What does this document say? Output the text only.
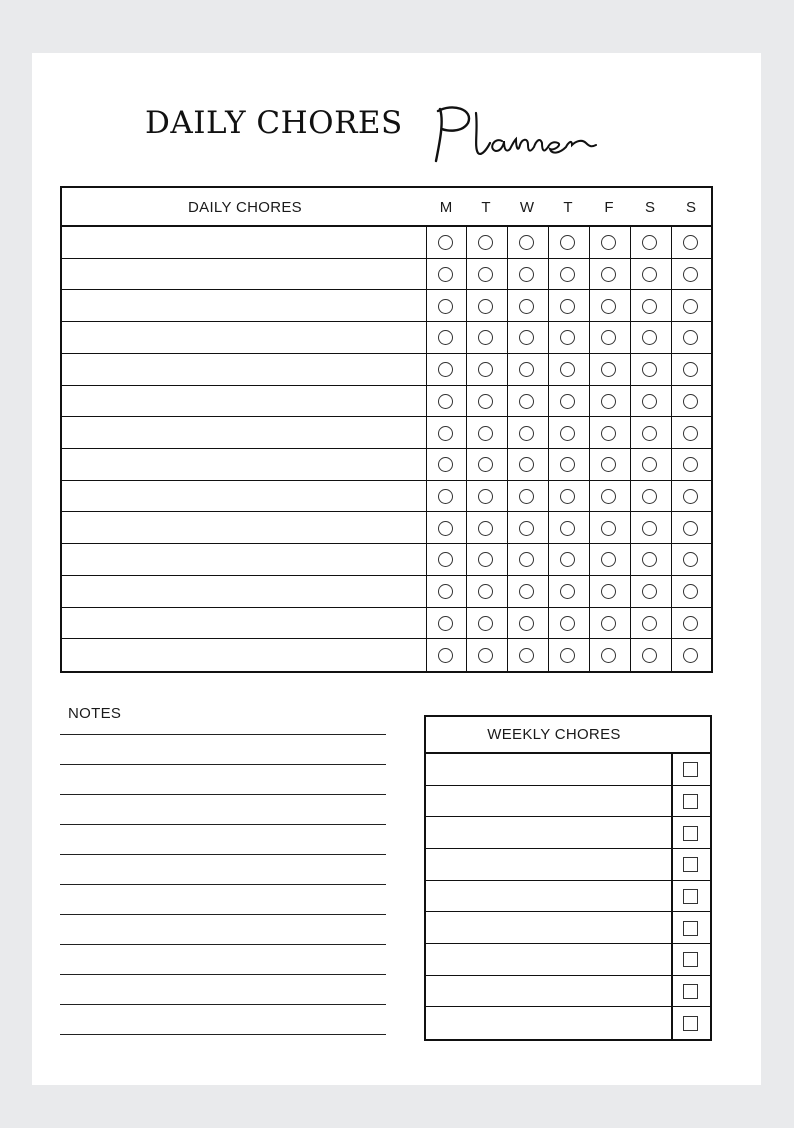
DAILY CHORES
Planner
DAILY CHORES	M	T	W	T	F	S	S
NOTES
WEEKLY CHORES
